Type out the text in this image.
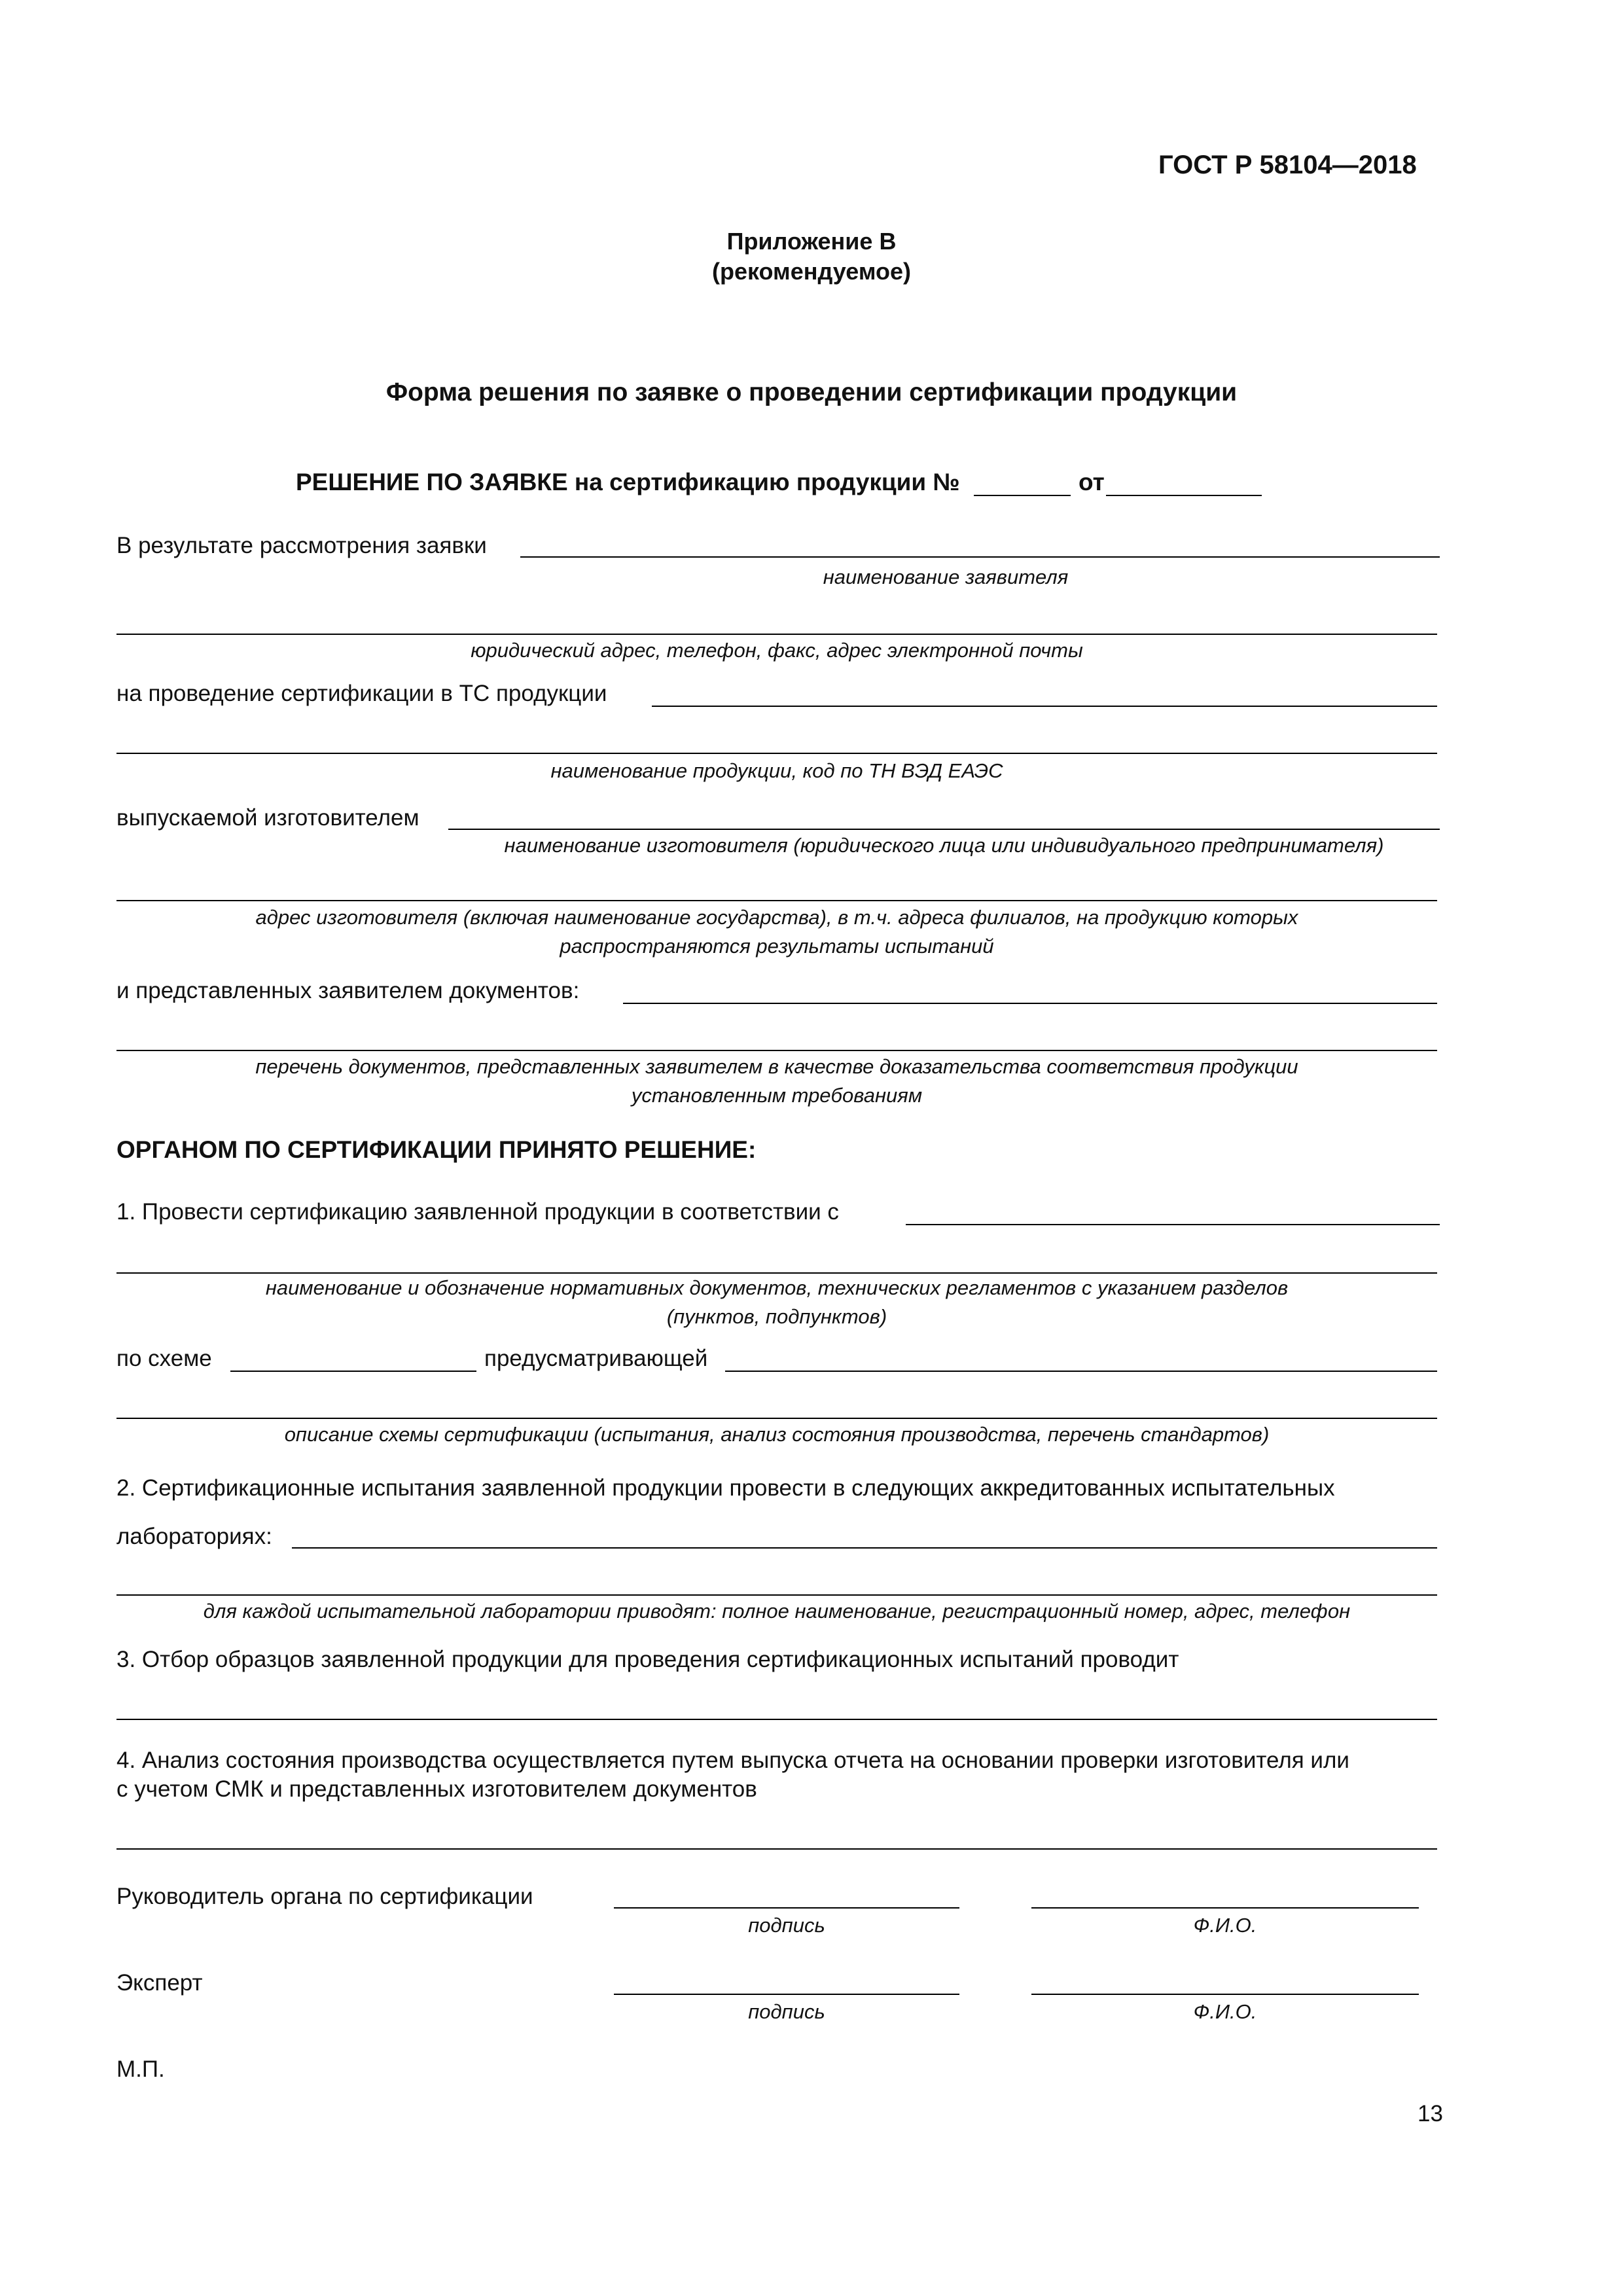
ГОСТ Р 58104—2018
Приложение В
(рекомендуемое)
Форма решения по заявке о проведении сертификации продукции
РЕШЕНИЕ ПО ЗАЯВКЕ на сертификацию продукции №	от
В результате рассмотрения заявки
наименование заявителя
юридический адрес, телефон, факс, адрес электронной почты
на проведение сертификации в ТС продукции
наименование продукции, код по ТН ВЭД ЕАЭС
выпускаемой изготовителем
наименование изготовителя (юридического лица или индивидуального предпринимателя)
адрес изготовителя (включая наименование государства), в т.ч. адреса филиалов, на продукцию которых
распространяются результаты испытаний
и представленных заявителем документов:
перечень документов, представленных заявителем в качестве доказательства соответствия продукции
установленным требованиям
ОРГАНОМ ПО СЕРТИФИКАЦИИ ПРИНЯТО РЕШЕНИЕ:
1. Провести сертификацию заявленной продукции в соответствии с
наименование и обозначение нормативных документов, технических регламентов с указанием разделов
(пунктов, подпунктов)
по схеме	предусматривающей
описание схемы сертификации (испытания, анализ состояния производства, перечень стандартов)
2. Сертификационные испытания заявленной продукции провести в следующих аккредитованных испытательных
лабораториях:
для каждой испытательной лаборатории приводят: полное наименование, регистрационный номер, адрес, телефон
3. Отбор образцов заявленной продукции для проведения сертификационных испытаний проводит
4. Анализ состояния производства осуществляется путем выпуска отчета на основании проверки изготовителя или
с учетом СМК и представленных изготовителем документов
Руководитель органа по сертификации
подпись	Ф.И.О.
Эксперт
подпись	Ф.И.О.
М.П.
13
